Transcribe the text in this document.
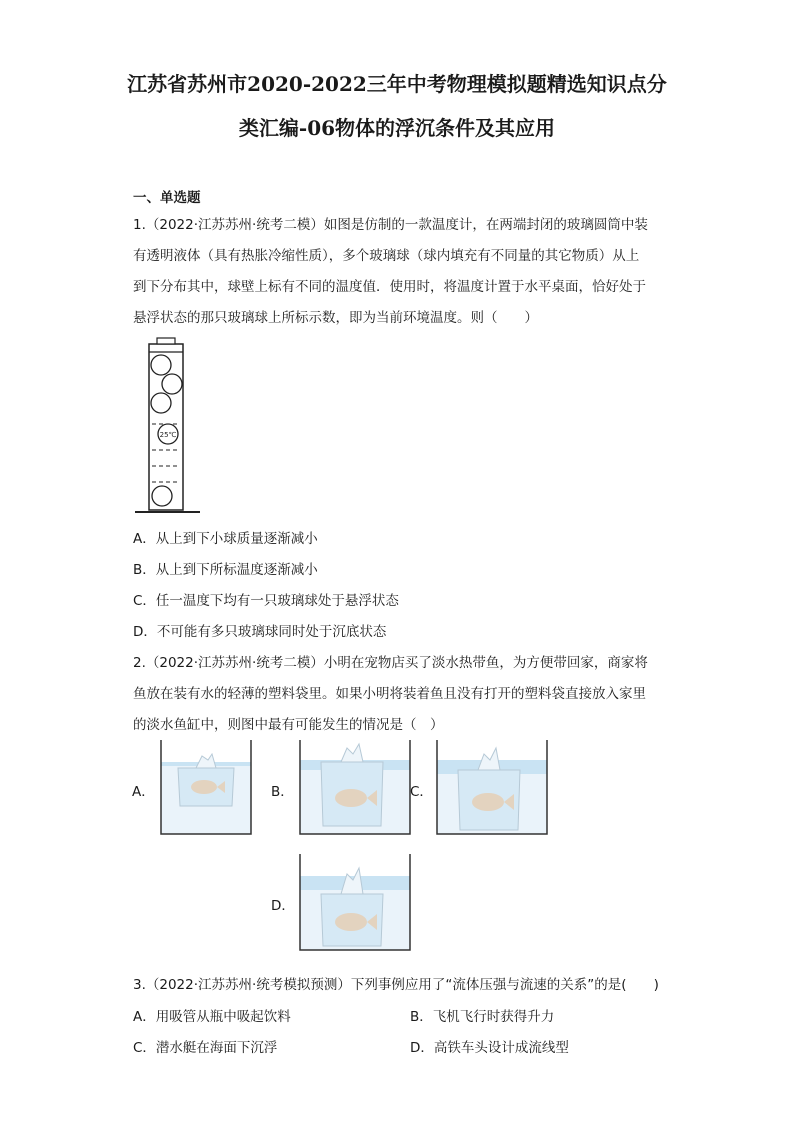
江苏省苏州市2020-2022三年中考物理模拟题精选知识点分
类汇编-06物体的浮沉条件及其应用
一、单选题
1.（2022·江苏苏州·统考二模）如图是仿制的一款温度计，在两端封闭的玻璃圆筒中装
有透明液体（具有热胀冷缩性质），多个玻璃球（球内填充有不同量的其它物质）从上
到下分布其中，球壁上标有不同的温度值．使用时，将温度计置于水平桌面，恰好处于
悬浮状态的那只玻璃球上所标示数，即为当前环境温度。则（　　）
25℃
A．从上到下小球质量逐渐减小
B．从上到下所标温度逐渐减小
C．任一温度下均有一只玻璃球处于悬浮状态
D．不可能有多只玻璃球同时处于沉底状态
2.（2022·江苏苏州·统考二模）小明在宠物店买了淡水热带鱼，为方便带回家，商家将
鱼放在装有水的轻薄的塑料袋里。如果小明将装着鱼且没有打开的塑料袋直接放入家里
的淡水鱼缸中，则图中最有可能发生的情况是（　）
A．	B．	C．
D．
3.（2022·江苏苏州·统考模拟预测）下列事例应用了“流体压强与流速的关系”的是(　　)
A．用吸管从瓶中吸起饮料	B．飞机飞行时获得升力
C．潜水艇在海面下沉浮	D．高铁车头设计成流线型
